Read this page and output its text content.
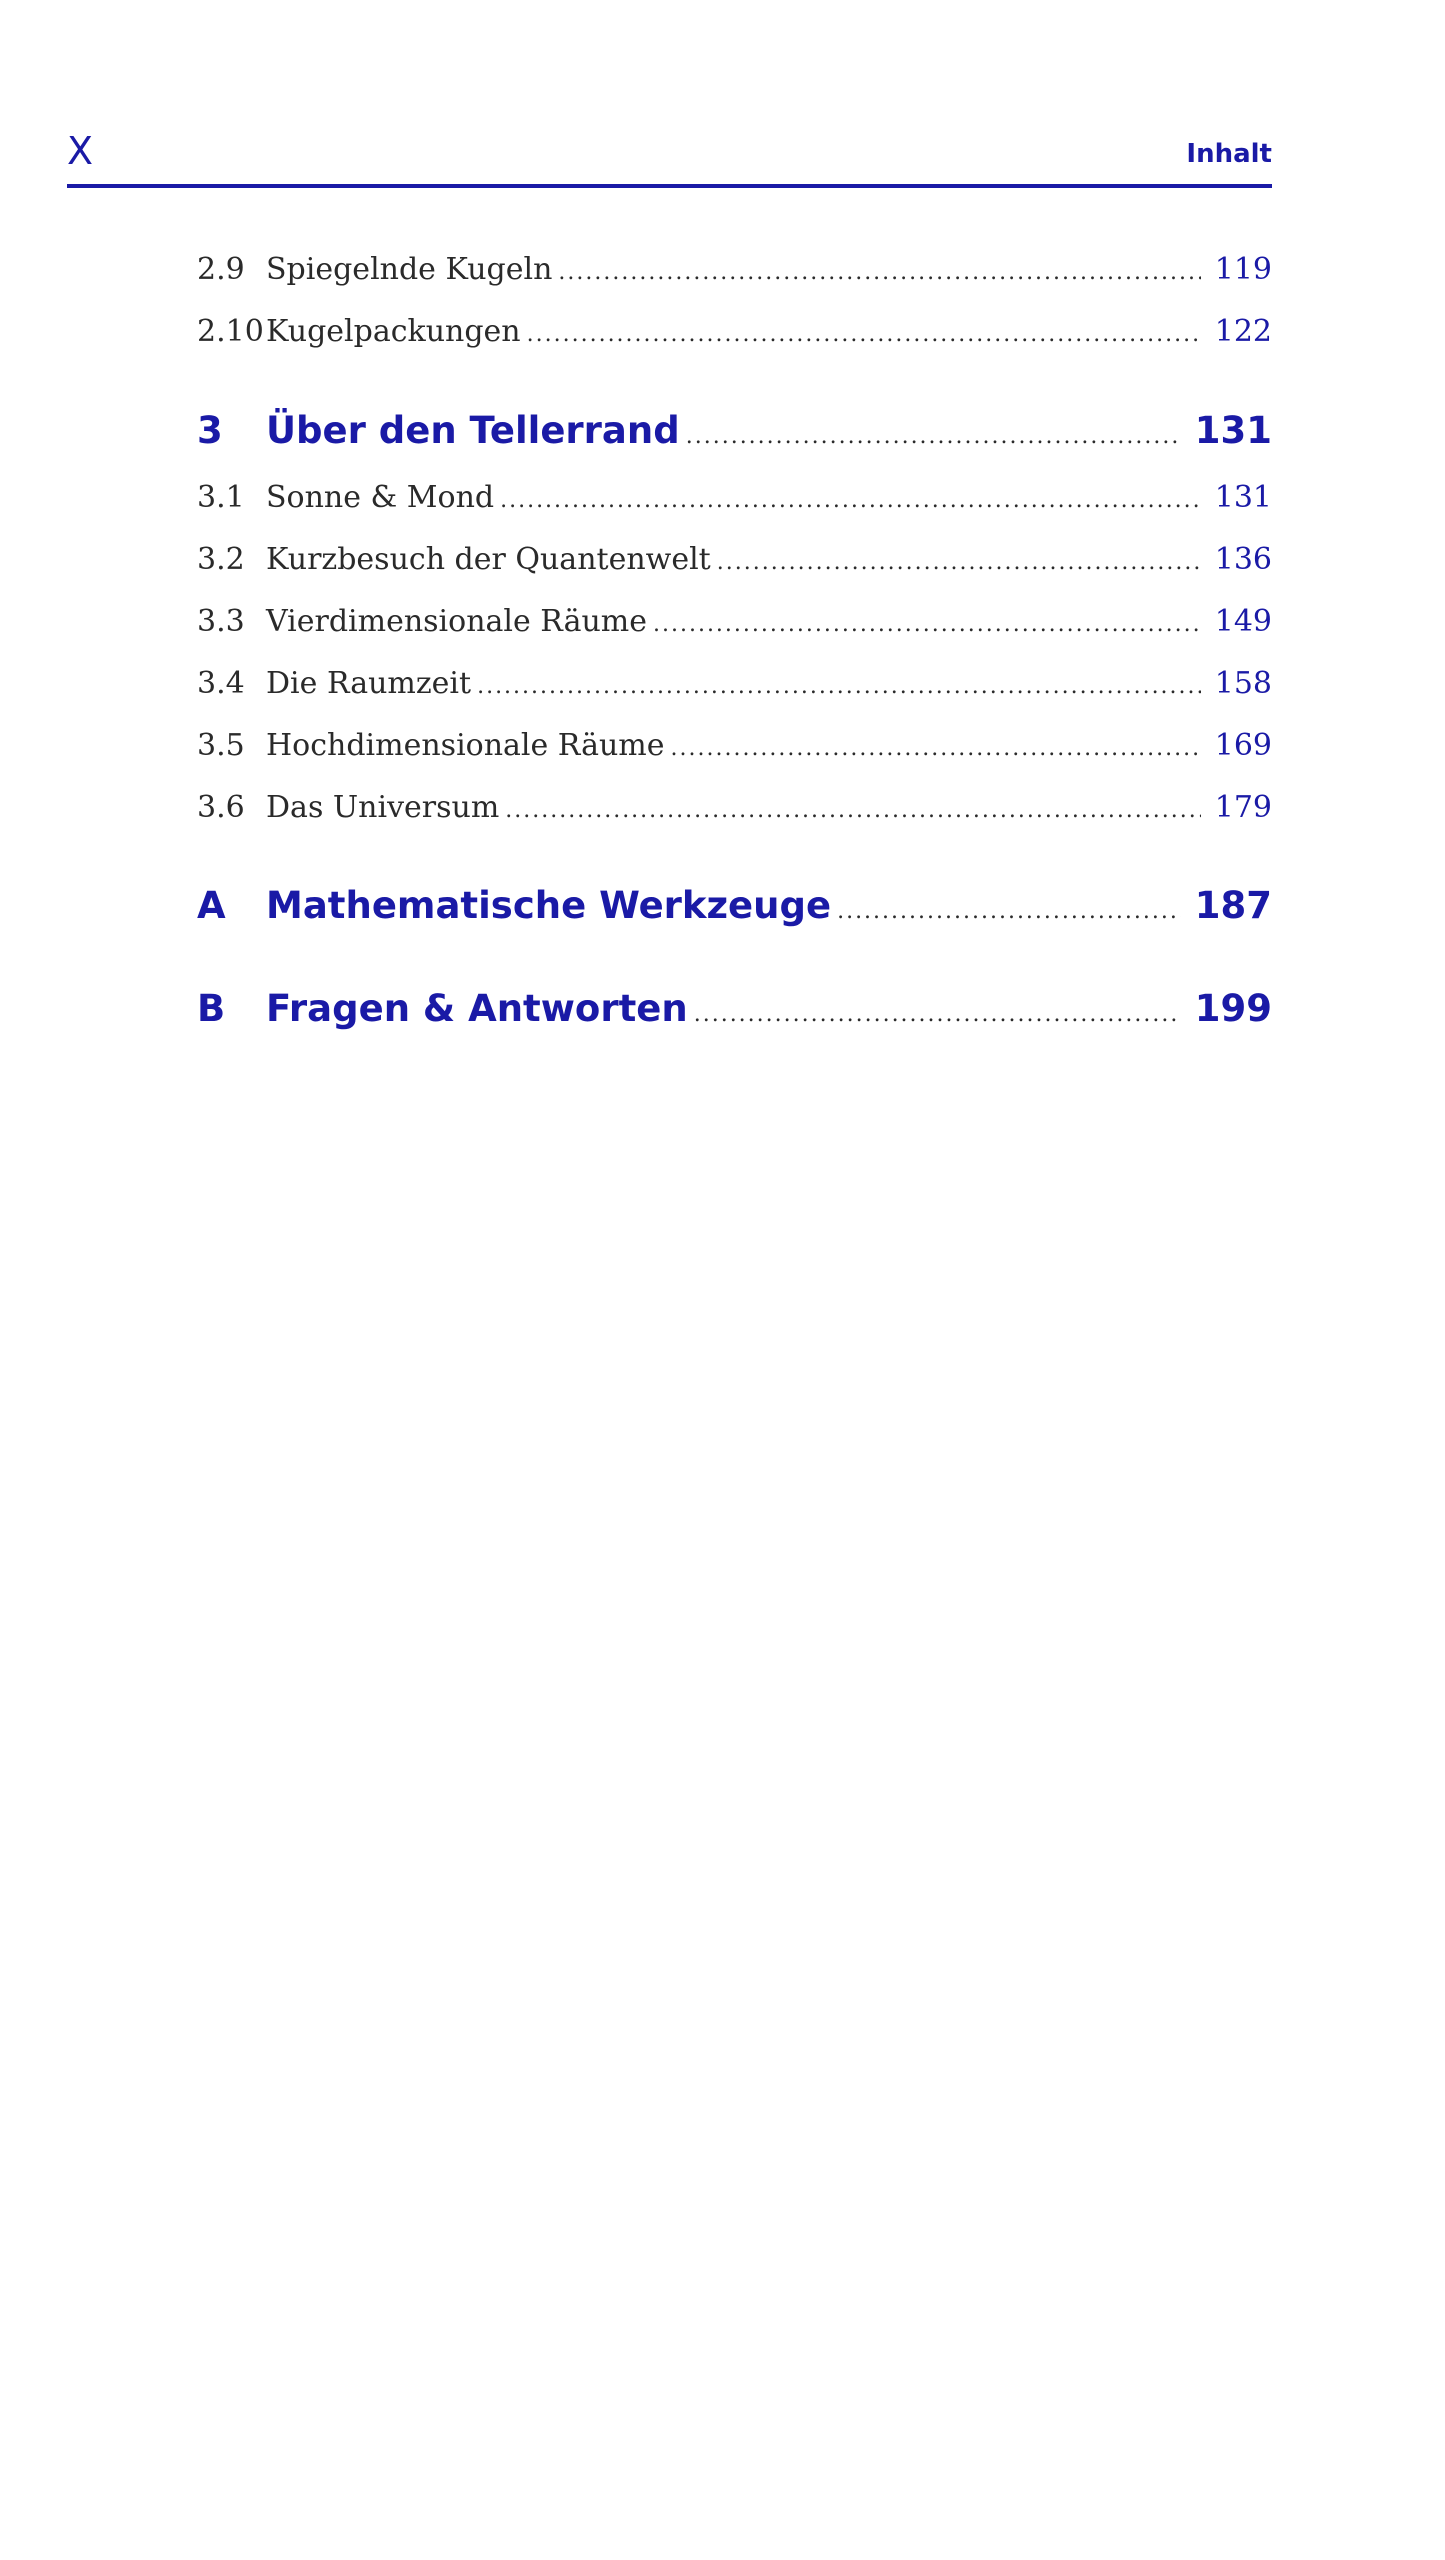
X	Inhalt
2.9 Spiegelnde Kugeln .....	119
2.10 Kugelpackungen .....	122
3	Über den Tellerrand .....	131
3.1 Sonne & Mond .....	131
3.2 Kurzbesuch der Quantenwelt .....	136
3.3 Vierdimensionale Räume .....	149
3.4 Die Raumzeit .....	158
3.5 Hochdimensionale Räume .....	169
3.6 Das Universum .....	179
A	Mathematische Werkzeuge .....	187
B	Fragen & Antworten .....	199
